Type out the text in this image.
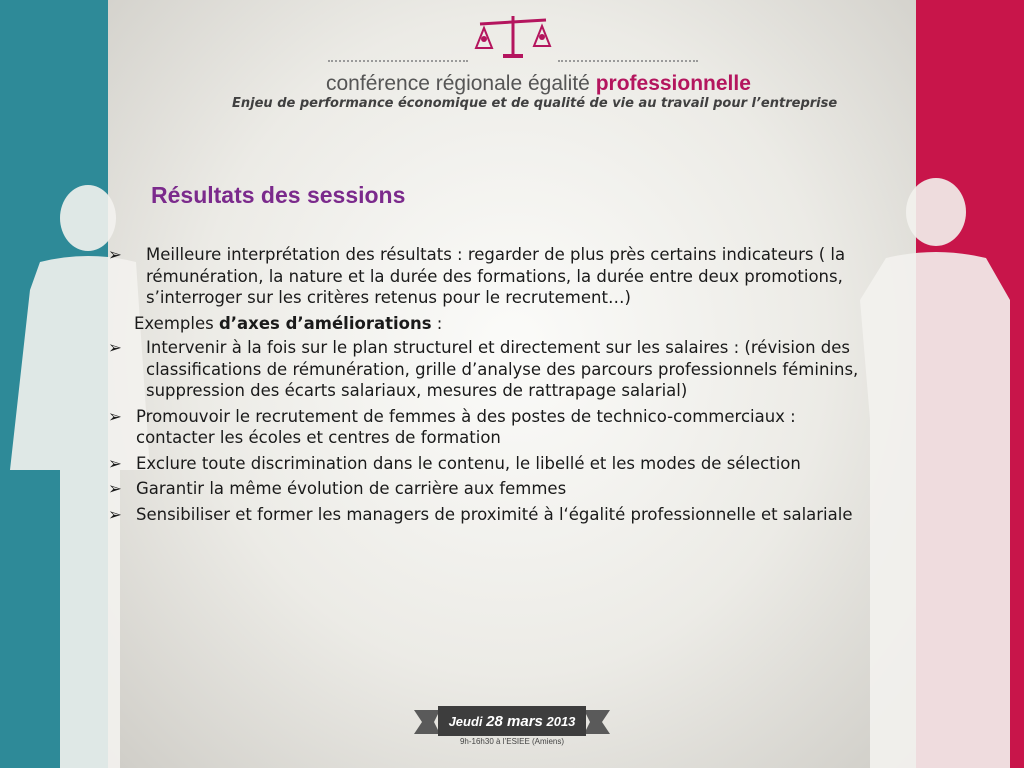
conférence régionale égalité professionnelle
Enjeu de performance économique et de qualité de vie au travail pour l’entreprise
Résultats des sessions
➢	Meilleure interprétation des résultats : regarder de plus près certains indicateurs ( la rémunération, la nature et la durée des formations, la durée entre deux promotions, s’interroger sur les critères retenus pour le recrutement…)
Exemples d’axes d’améliorations :
➢	Intervenir à la fois sur le plan structurel et directement sur les salaires : (révision des classifications de rémunération, grille d’analyse des parcours professionnels féminins, suppression des écarts salariaux, mesures de rattrapage salarial)
➢ Promouvoir le recrutement de femmes à des postes de technico-commerciaux : contacter les écoles et centres de formation
➢ Exclure toute discrimination dans le contenu, le libellé et les modes de sélection
➢ Garantir la même évolution de carrière aux femmes
➢ Sensibiliser et former les managers de proximité à l‘égalité professionnelle et salariale
Jeudi 28 mars 2013
9h-16h30 à l’ESIEE (Amiens)
